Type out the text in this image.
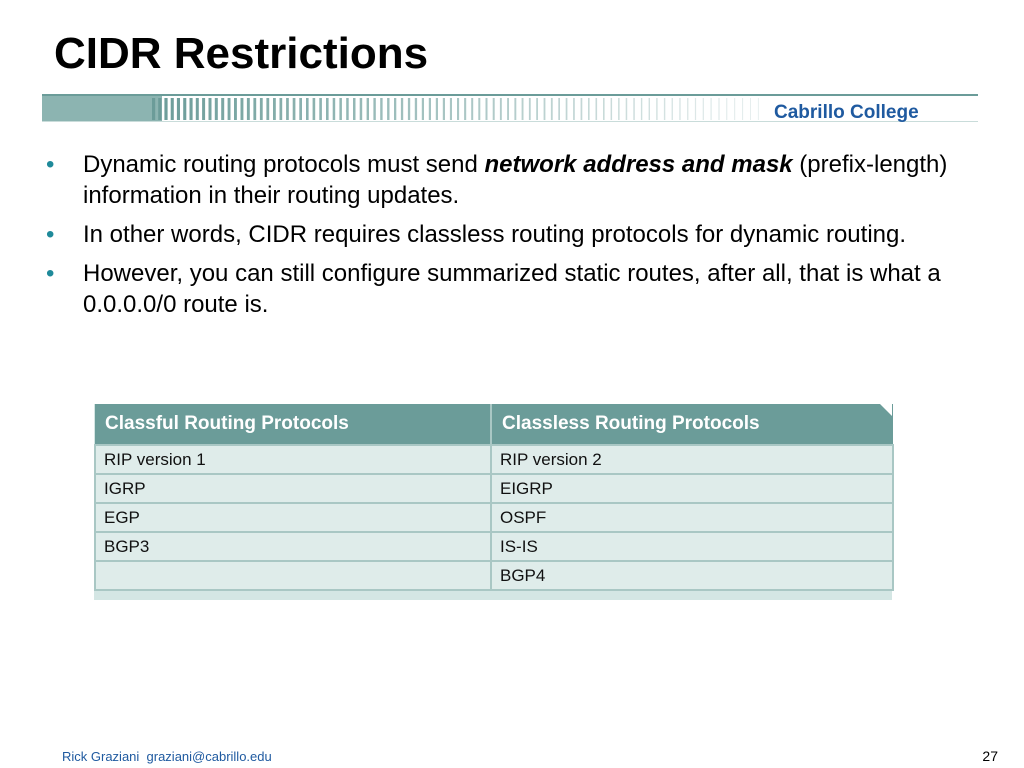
CIDR Restrictions
Cabrillo College
• Dynamic routing protocols must send network address and mask (prefix-length) information in their routing updates.
• In other words, CIDR requires classless routing protocols for dynamic routing.
• However, you can still configure summarized static routes, after all, that is what a 0.0.0.0/0 route is.
Classful Routing Protocols	Classless Routing Protocols
RIP version 1	RIP version 2
IGRP	EIGRP
EGP	OSPF
BGP3	IS-IS
	BGP4
Rick Graziani  graziani@cabrillo.edu	27
